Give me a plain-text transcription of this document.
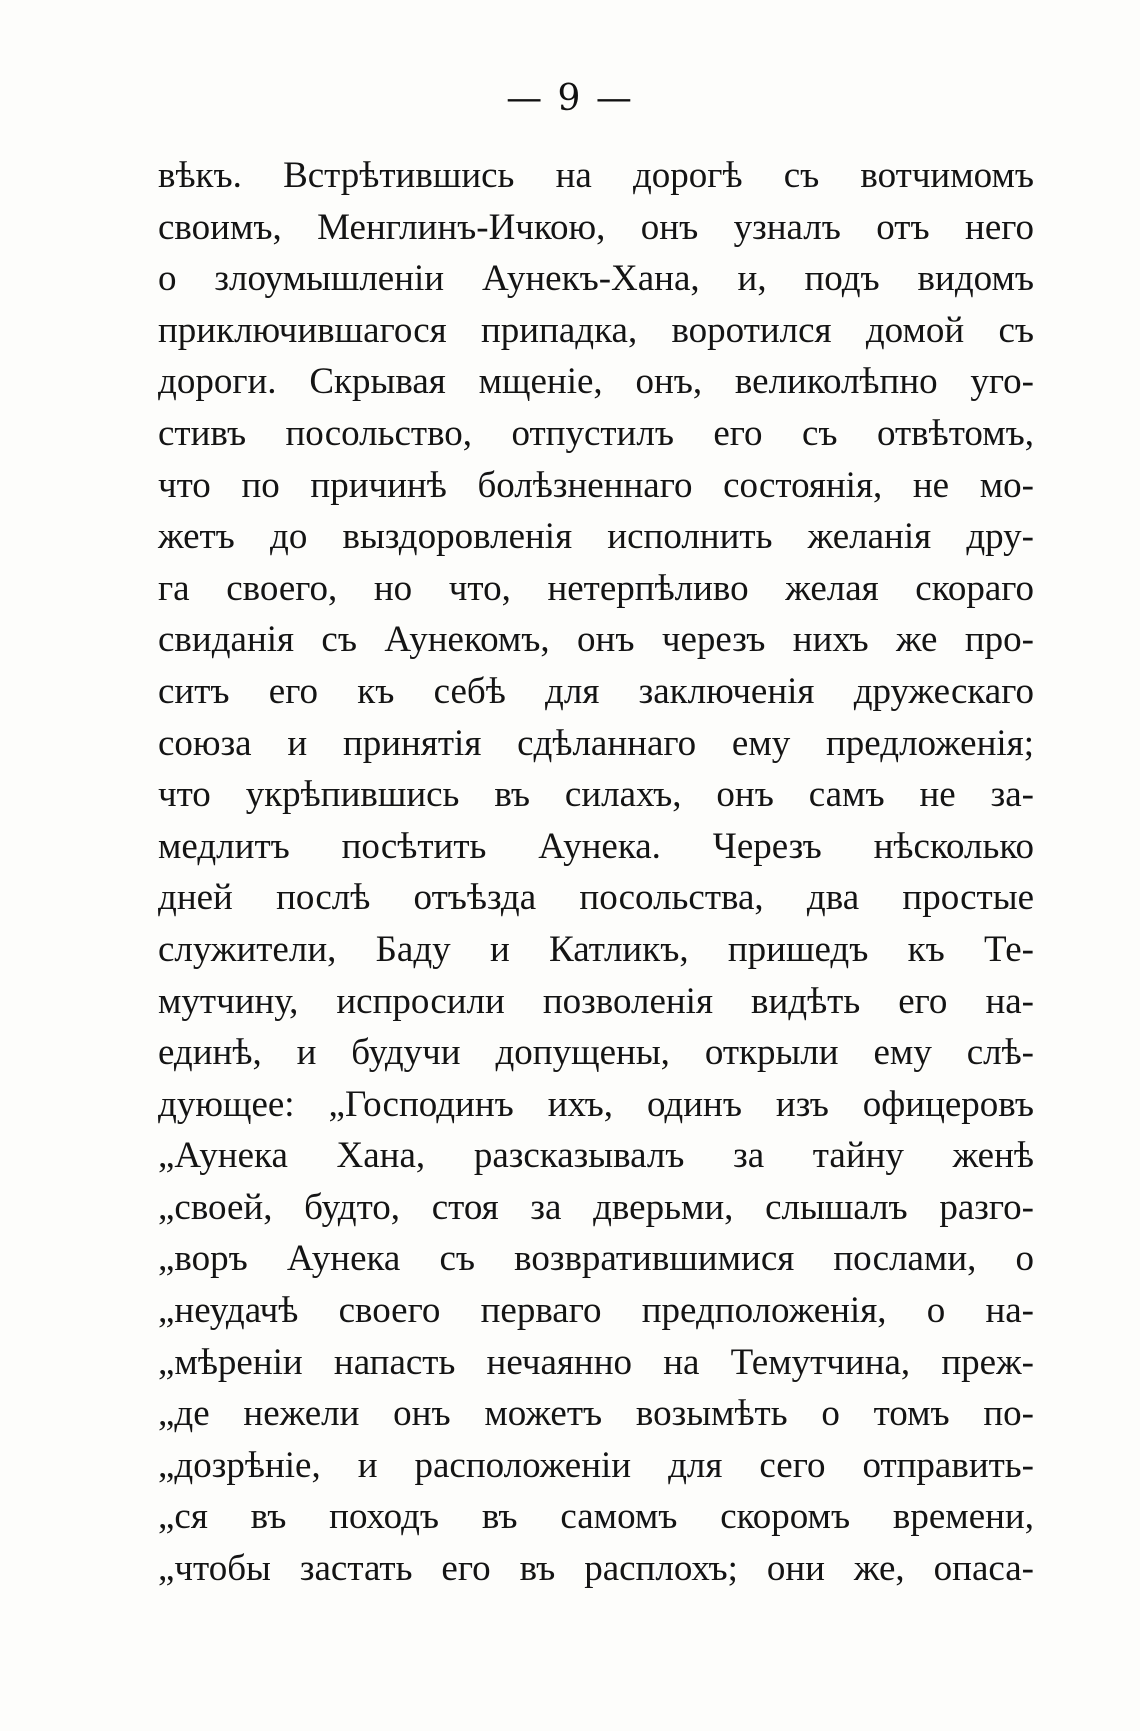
— 9 —
вѣкъ. Встрѣтившись на дорогѣ съ вотчимомъ
своимъ, Менглинъ-Ичкою, онъ узналъ отъ него
о злоумышленіи Аунекъ-Хана, и, подъ видомъ
приключившагося припадка, воротился домой съ
дороги. Скрывая мщеніе, онъ, великолѣпно уго-
стивъ посольство, отпустилъ его съ отвѣтомъ,
что по причинѣ болѣзненнаго состоянія, не мо-
жетъ до выздоровленія исполнить желанія дру-
га своего, но что, нетерпѣливо желая скораго
свиданія съ Аунекомъ, онъ черезъ нихъ же про-
ситъ его къ себѣ для заключенія дружескаго
союза и принятія сдѣланнаго ему предложенія;
что укрѣпившись въ силахъ, онъ самъ не за-
медлитъ посѣтить Аунека. Черезъ нѣсколько
дней послѣ отъѣзда посольства, два простые
служители, Баду и Катликъ, пришедъ къ Те-
мутчину, испросили позволенія видѣть его на-
единѣ, и будучи допущены, открыли ему слѣ-
дующее: „Господинъ ихъ, одинъ изъ офицеровъ
„Аунека Хана, разсказывалъ за тайну женѣ
„своей, будто, стоя за дверьми, слышалъ разго-
„воръ Аунека съ возвратившимися послами, о
„неудачѣ своего перваго предположенія, о на-
„мѣреніи напасть нечаянно на Темутчина, преж-
„де нежели онъ можетъ возымѣть о томъ по-
„дозрѣніе, и расположеніи для сего отправить-
„ся въ походъ въ самомъ скоромъ времени,
„чтобы застать его въ расплохъ; они же, опаса-
